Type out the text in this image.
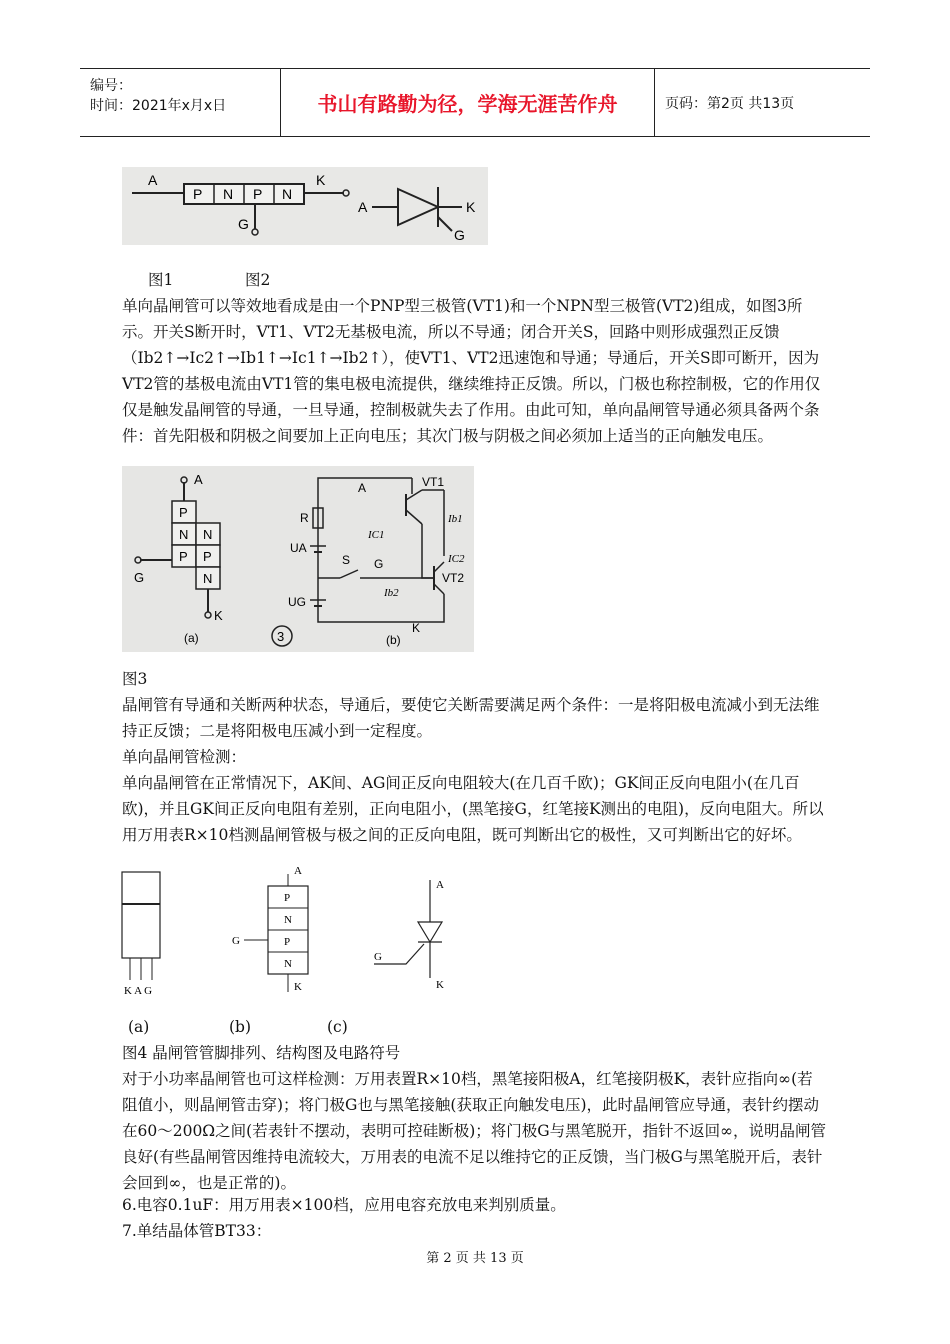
编号：
时间：2021年x月x日	书山有路勤为径，学海无涯苦作舟	页码：第2页 共13页
A
P N P N
K
G
A	K
G
图1	图2
单向晶闸管可以等效地看成是由一个PNP型三极管(VT1)和一个NPN型三极管(VT2)组成，如图3所示。开关S断开时，VT1、VT2无基极电流，所以不导通；闭合开关S，回路中则形成强烈正反馈（Ib2↑→Ic2↑→Ib1↑→Ic1↑→Ib2↑），使VT1、VT2迅速饱和导通；导通后，开关S即可断开，因为VT2管的基极电流由VT1管的集电极电流提供，继续维持正反馈。所以，门极也称控制极，它的作用仅仅是触发晶闸管的导通，一旦导通，控制极就失去了作用。由此可知，单向晶闸管导通必须具备两个条件：首先阳极和阴极之间要加上正向电压；其次门极与阴极之间必须加上适当的正向触发电压。
A
P
N N
P P
N
G
K
(a)	3
A	VT1
R	Ib1
IC1
UA
S G	IC2
VT2
Ib2
UG
K
(b)
图3
晶闸管有导通和关断两种状态，导通后，要使它关断需要满足两个条件：一是将阳极电流减小到无法维持正反馈；二是将阳极电压减小到一定程度。
单向晶闸管检测：
单向晶闸管在正常情况下，AK间、AG间正反向电阻较大(在几百千欧)；GK间正反向电阻小(在几百欧)，并且GK间正反向电阻有差别，正向电阻小，(黑笔接G，红笔接K测出的电阻)，反向电阻大。所以用万用表R×10档测晶闸管极与极之间的正反向电阻，既可判断出它的极性，又可判断出它的好坏。
K A G
A
P
N
P
N
G
K
A
G
K
(a)	(b)	(c)
图4 晶闸管管脚排列、结构图及电路符号
对于小功率晶闸管也可这样检测：万用表置R×10档，黑笔接阳极A，红笔接阴极K，表针应指向∞(若阻值小，则晶闸管击穿)；将门极G也与黑笔接触(获取正向触发电压)，此时晶闸管应导通，表针约摆动在60～200Ω之间(若表针不摆动，表明可控硅断极)；将门极G与黑笔脱开，指针不返回∞，说明晶闸管良好(有些晶闸管因维持电流较大，万用表的电流不足以维持它的正反馈，当门极G与黑笔脱开后，表针会回到∞，也是正常的)。
6.电容0.1uF：用万用表×100档，应用电容充放电来判别质量。
7.单结晶体管BT33：
第 2 页 共 13 页
